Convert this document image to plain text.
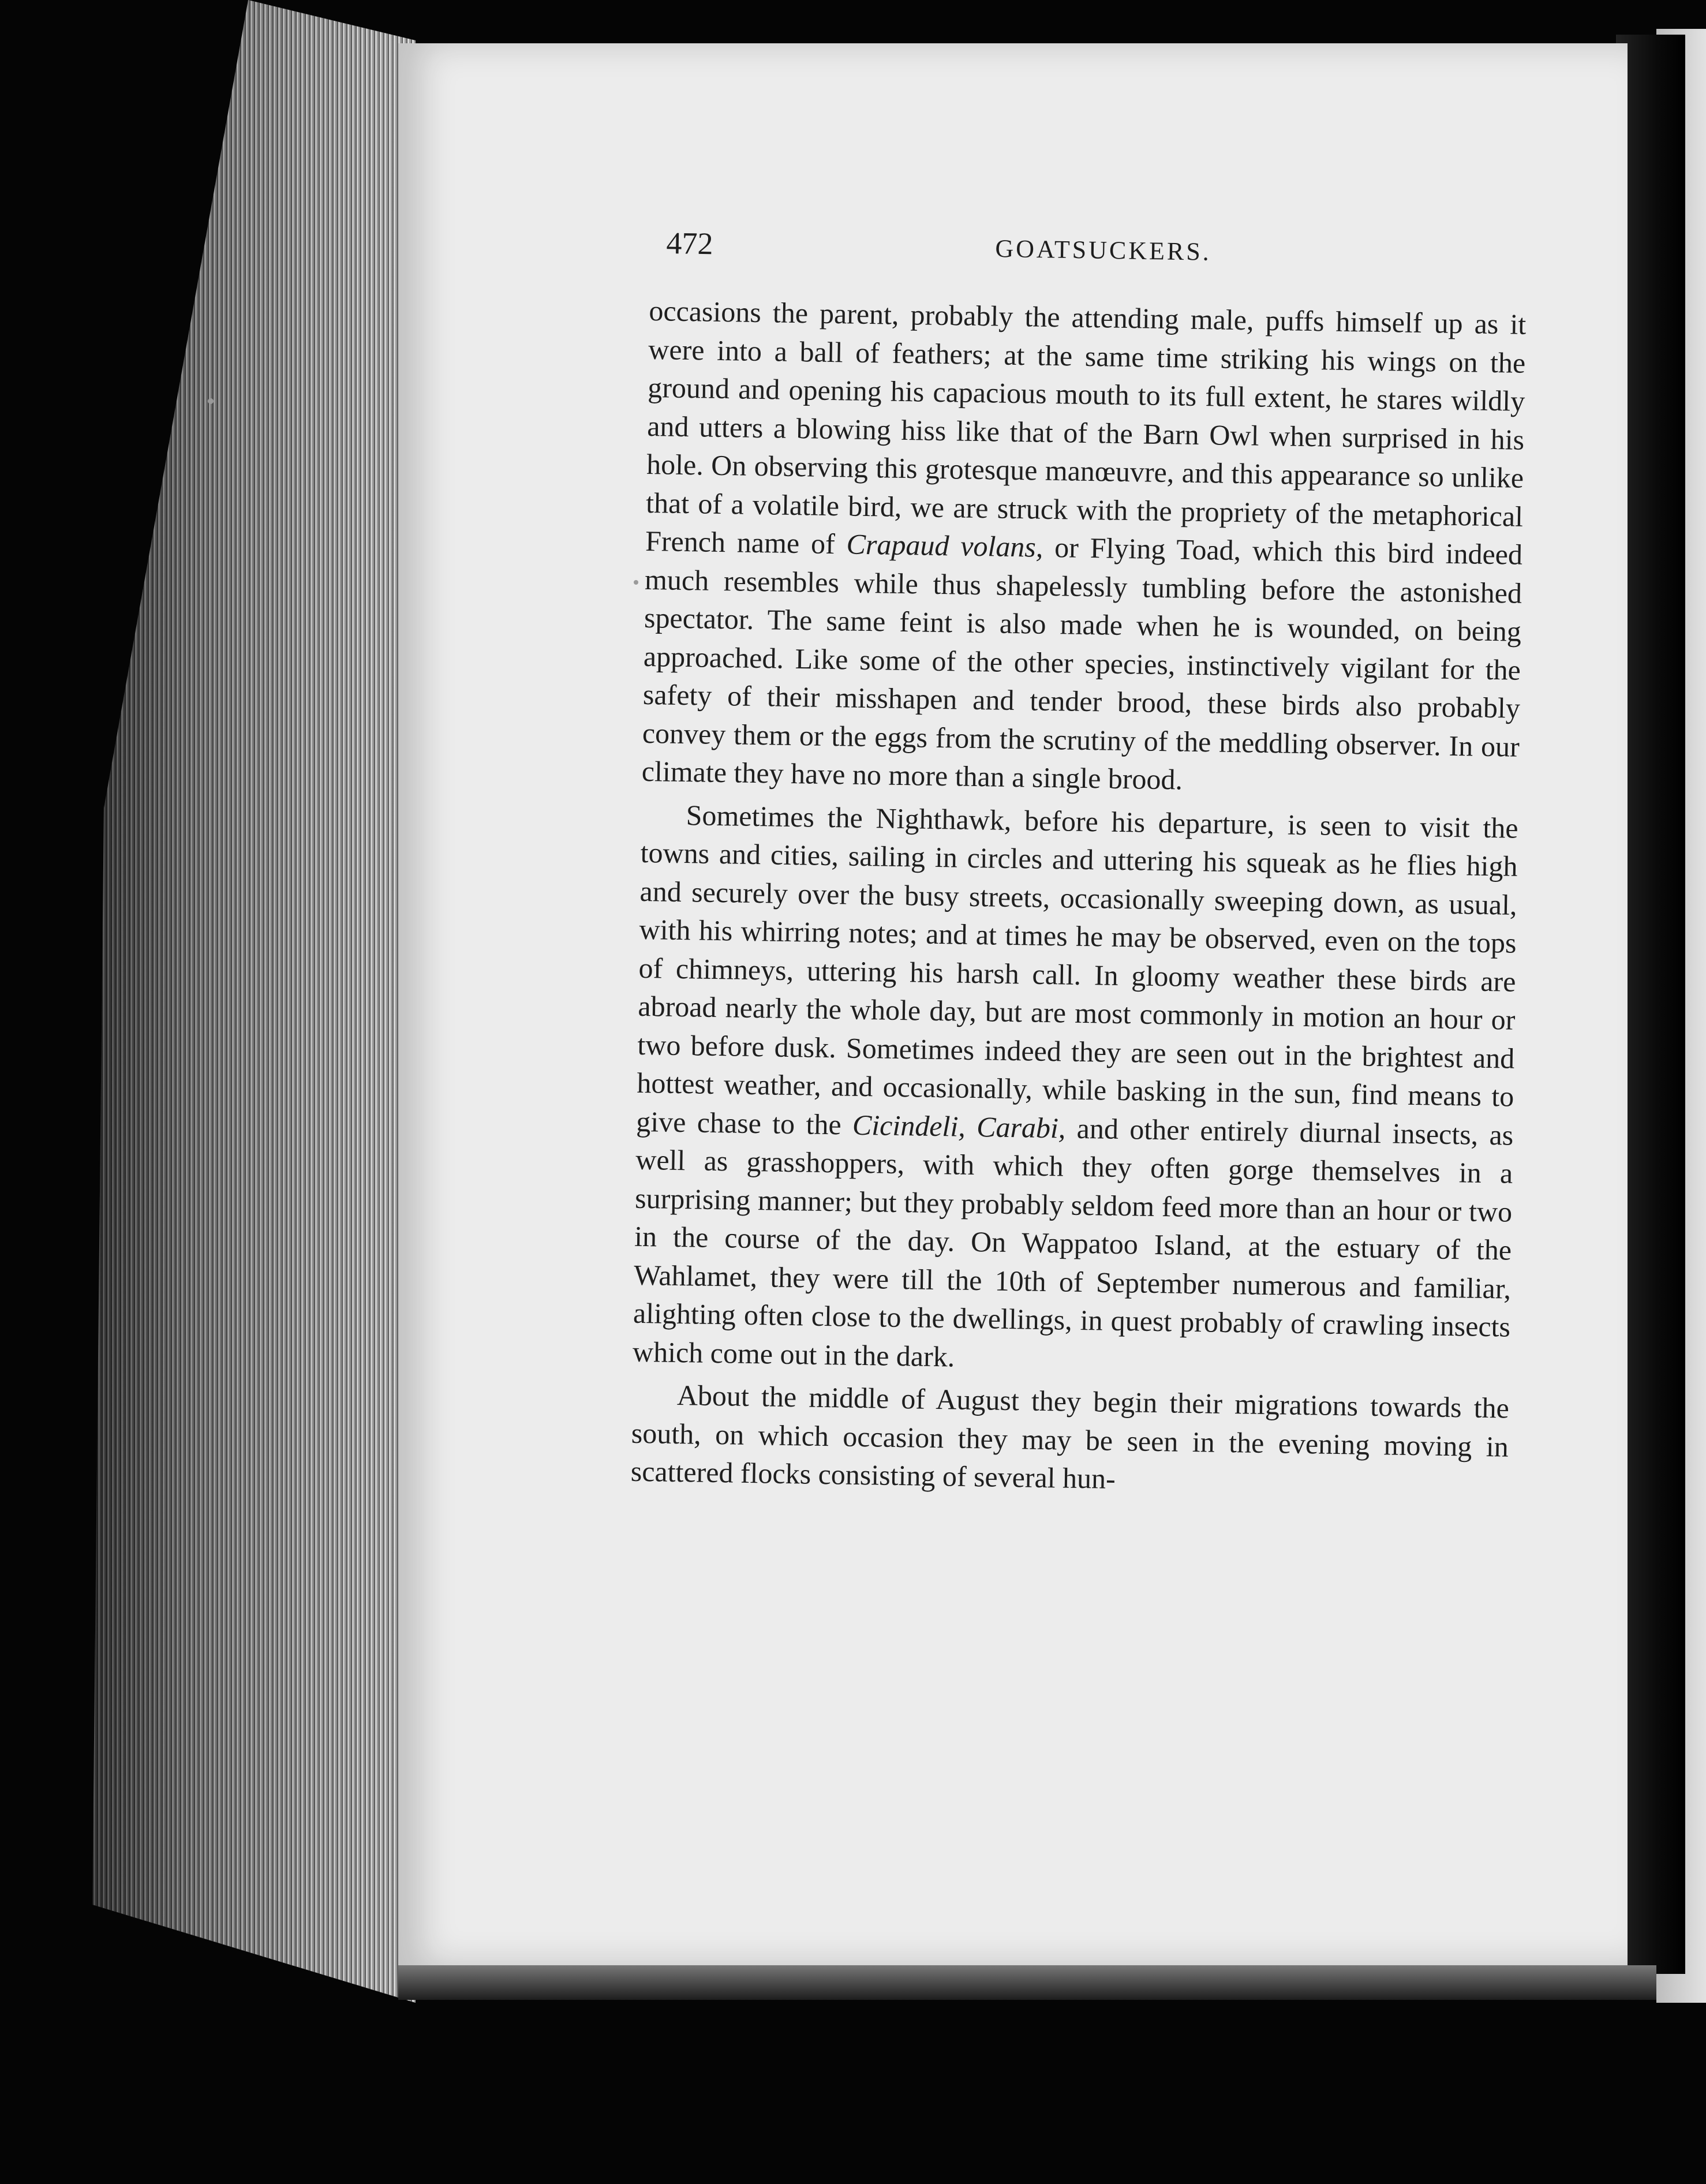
472	GOATSUCKERS.

occasions the parent, probably the attending male, puffs himself up as it were into a ball of feathers; at the same time striking his wings on the ground and opening his capacious mouth to its full extent, he stares wildly and utters a blowing hiss like that of the Barn Owl when surprised in his hole. On observing this grotesque manœuvre, and this appearance so unlike that of a volatile bird, we are struck with the propriety of the metaphorical French name of Crapaud volans, or Flying Toad, which this bird indeed much resembles while thus shapelessly tumbling before the astonished spectator. The same feint is also made when he is wounded, on being approached. Like some of the other species, instinctively vigilant for the safety of their misshapen and tender brood, these birds also probably convey them or the eggs from the scrutiny of the meddling observer. In our climate they have no more than a single brood.

Sometimes the Nighthawk, before his departure, is seen to visit the towns and cities, sailing in circles and uttering his squeak as he flies high and securely over the busy streets, occasionally sweeping down, as usual, with his whirring notes; and at times he may be observed, even on the tops of chimneys, uttering his harsh call. In gloomy weather these birds are abroad nearly the whole day, but are most commonly in motion an hour or two before dusk. Sometimes indeed they are seen out in the brightest and hottest weather, and occasionally, while basking in the sun, find means to give chase to the Cicindeli, Carabi, and other entirely diurnal insects, as well as grasshoppers, with which they often gorge themselves in a surprising manner; but they probably seldom feed more than an hour or two in the course of the day. On Wappatoo Island, at the estuary of the Wahlamet, they were till the 10th of September numerous and familiar, alighting often close to the dwellings, in quest probably of crawling insects which come out in the dark.

About the middle of August they begin their migrations towards the south, on which occasion they may be seen in the evening moving in scattered flocks consisting of several hun-
